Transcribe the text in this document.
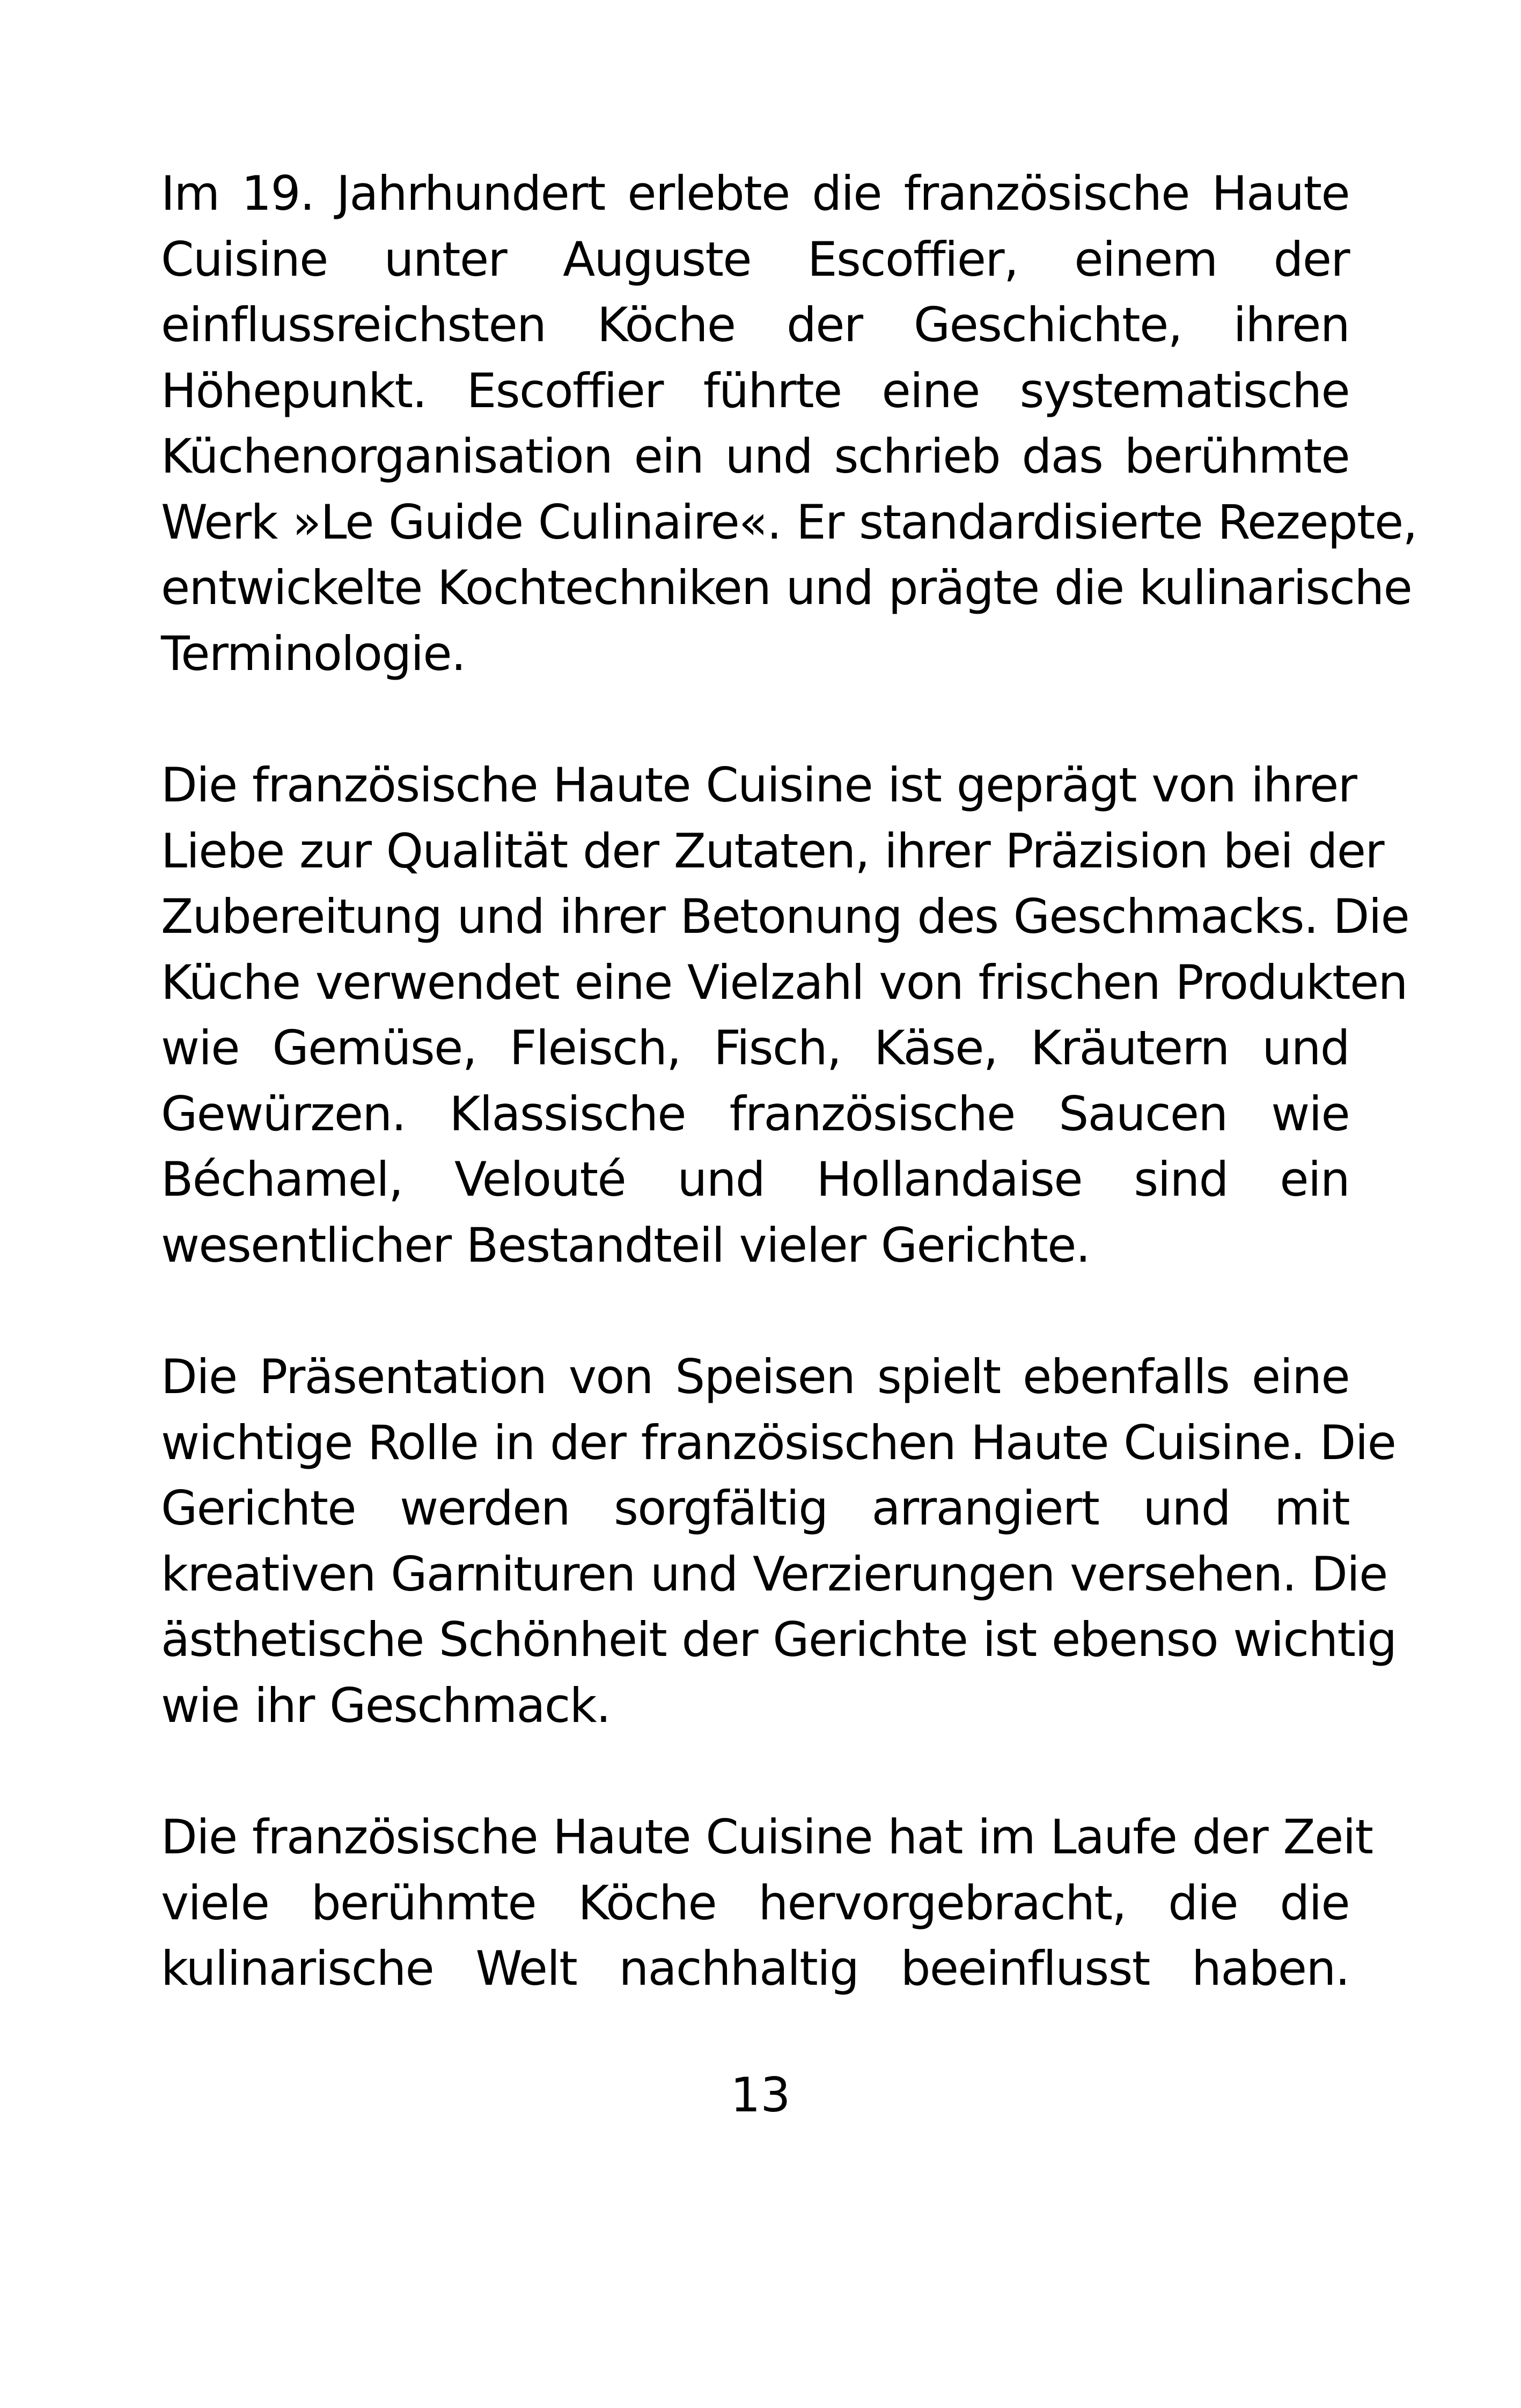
Im 19. Jahrhundert erlebte die französische Haute
Cuisine unter Auguste Escoffier, einem der
einflussreichsten Köche der Geschichte, ihren
Höhepunkt. Escoffier führte eine systematische
Küchenorganisation ein und schrieb das berühmte
Werk »Le Guide Culinaire«. Er standardisierte Rezepte,
entwickelte Kochtechniken und prägte die kulinarische
Terminologie.
Die französische Haute Cuisine ist geprägt von ihrer
Liebe zur Qualität der Zutaten, ihrer Präzision bei der
Zubereitung und ihrer Betonung des Geschmacks. Die
Küche verwendet eine Vielzahl von frischen Produkten
wie Gemüse, Fleisch, Fisch, Käse, Kräutern und
Gewürzen. Klassische französische Saucen wie
Béchamel, Velouté und Hollandaise sind ein
wesentlicher Bestandteil vieler Gerichte.
Die Präsentation von Speisen spielt ebenfalls eine
wichtige Rolle in der französischen Haute Cuisine. Die
Gerichte werden sorgfältig arrangiert und mit
kreativen Garnituren und Verzierungen versehen. Die
ästhetische Schönheit der Gerichte ist ebenso wichtig
wie ihr Geschmack.
Die französische Haute Cuisine hat im Laufe der Zeit
viele berühmte Köche hervorgebracht, die die
kulinarische Welt nachhaltig beeinflusst haben.
13
